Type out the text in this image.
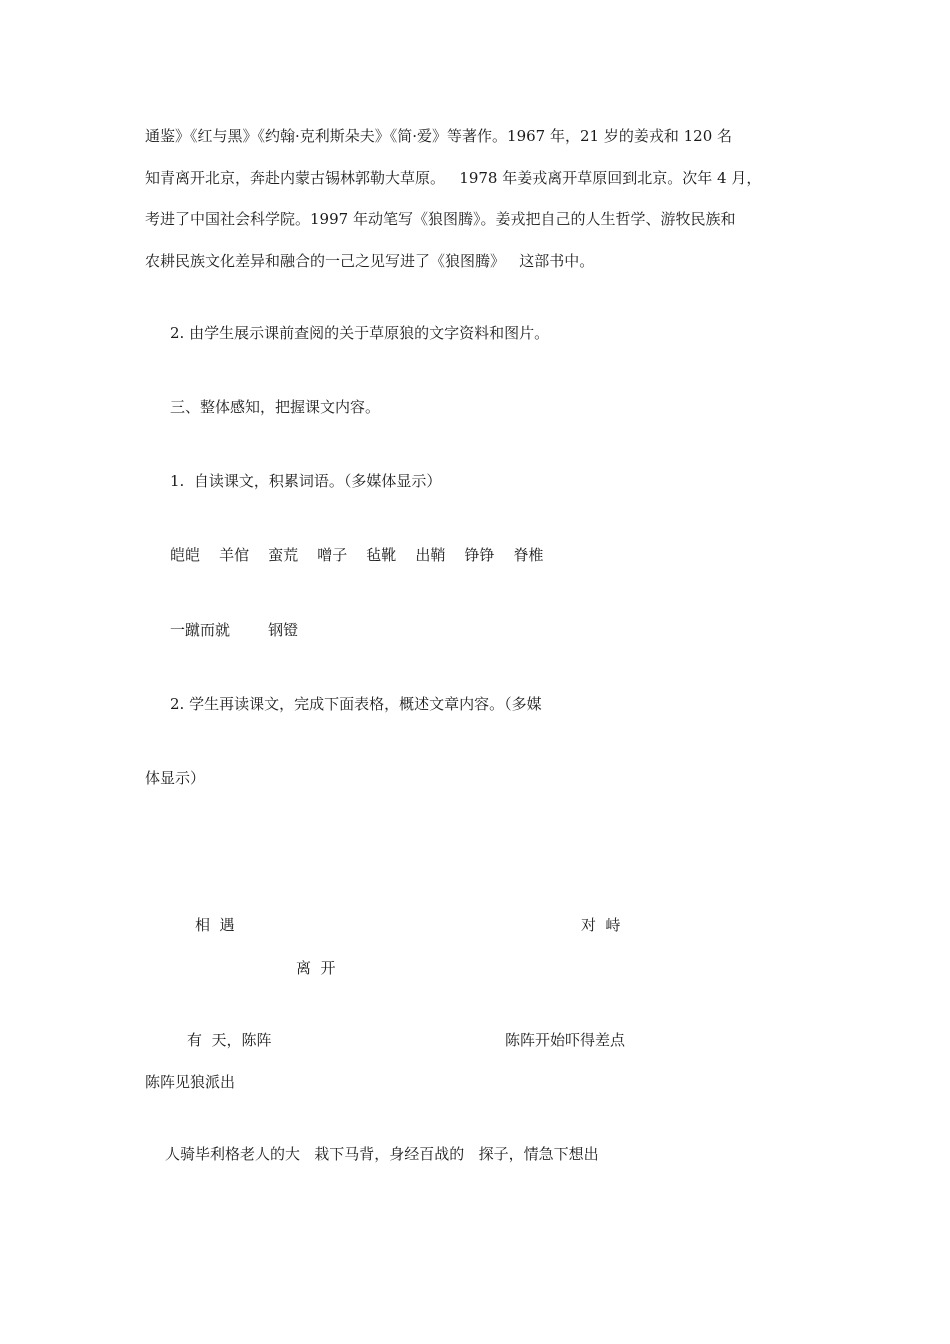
通鉴》《红与黑》《约翰·克利斯朵夫》《简·爱》等著作。1967 年，21 岁的姜戎和 120 名
知青离开北京，奔赴内蒙古锡林郭勒大草原。   1978 年姜戎离开草原回到北京。次年 4 月，
考进了中国社会科学院。1997 年动笔写《狼图腾》。姜戎把自己的人生哲学、游牧民族和
农耕民族文化差异和融合的一己之见写进了《狼图腾》   这部书中。
2. 由学生展示课前查阅的关于草原狼的文字资料和图片。
三、整体感知，把握课文内容。
1.  自读课文，积累词语。（多媒体显示）
皑皑    羊倌    蛮荒    噌子    毡靴    出鞘    铮铮    脊椎
一蹴而就        钢镫
2. 学生再读课文，完成下面表格，概述文章内容。（多媒
体显示）
相  遇	对  峙
离  开
有  天，陈阵	陈阵开始吓得差点
陈阵见狼派出
人骑毕利格老人的大   栽下马背，身经百战的   探子，情急下想出
